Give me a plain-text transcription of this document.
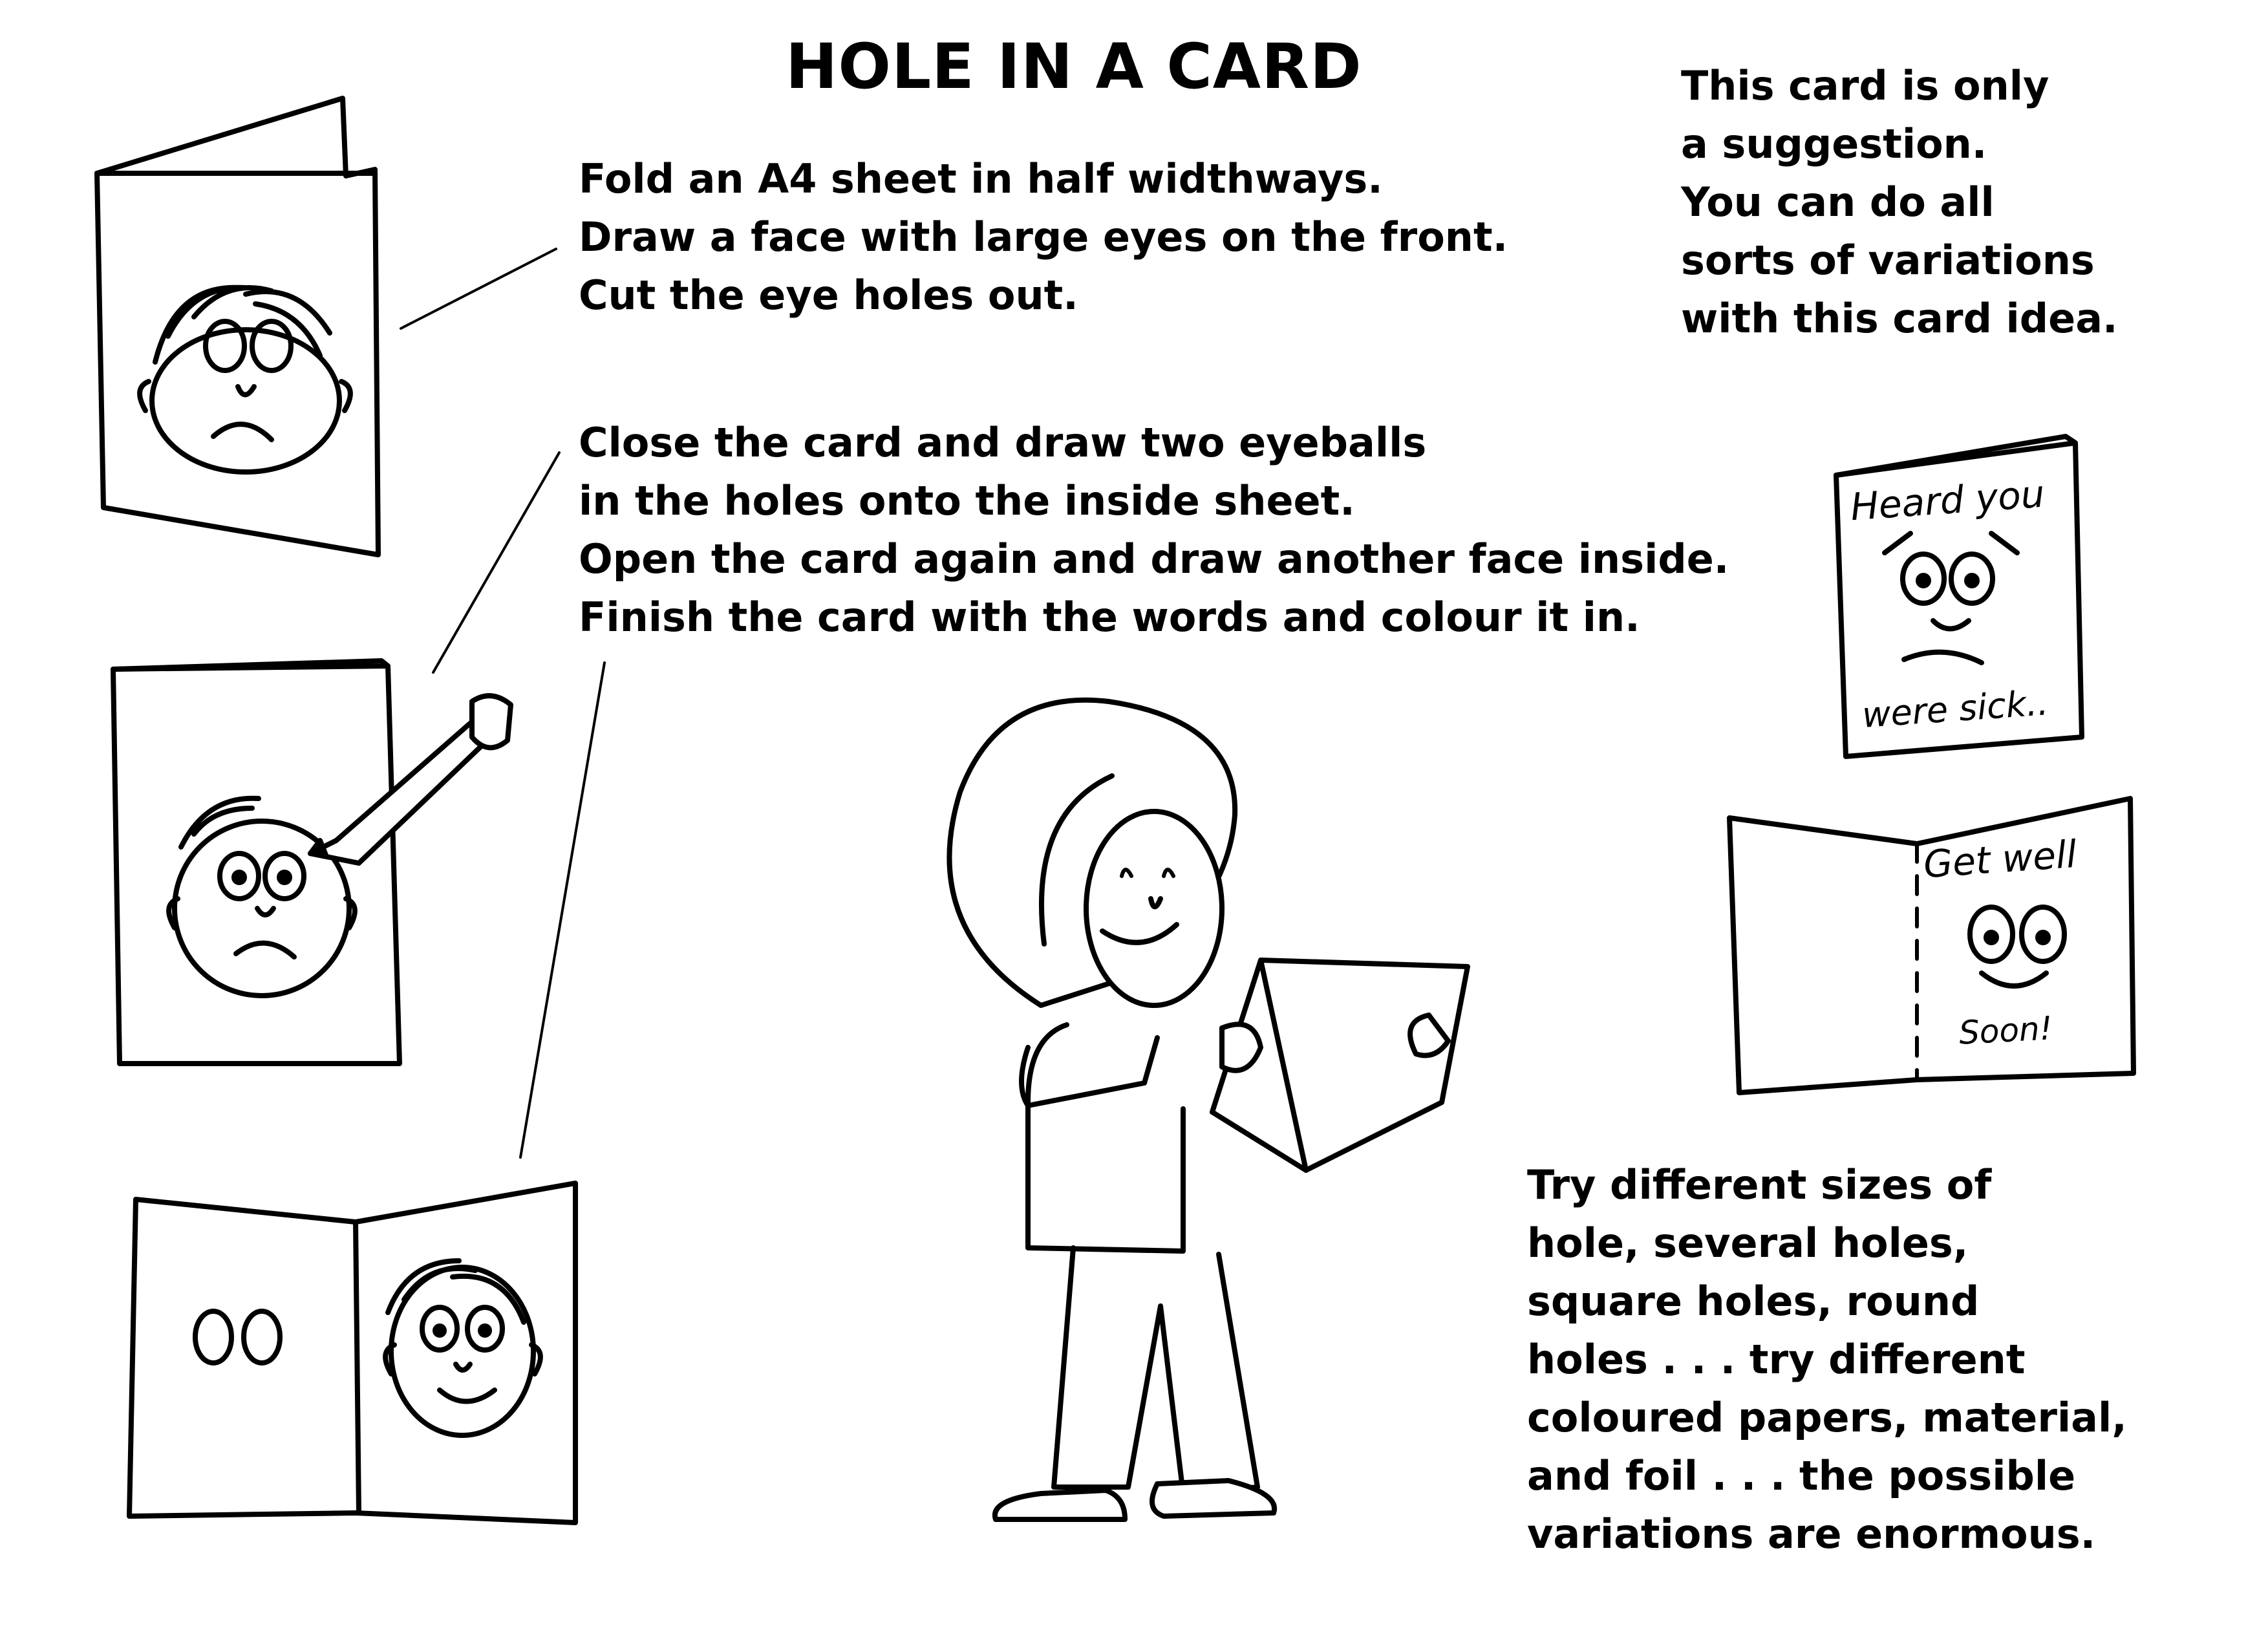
HOLE IN A CARD
Fold an A4 sheet in half widthways.
Draw a face with large eyes on the front.
Cut the eye holes out.
Close the card and draw two eyeballs
in the holes onto the inside sheet.
Open the card again and draw another face inside.
Finish the card with the words and colour it in.
This card is only
a suggestion.
You can do all
sorts of variations
with this card idea.
Try different sizes of
hole, several holes,
square holes, round
holes . . . try different
coloured papers, material,
and foil . . . the possible
variations are enormous.
Heard you
were sick..
Get well
Soon!
